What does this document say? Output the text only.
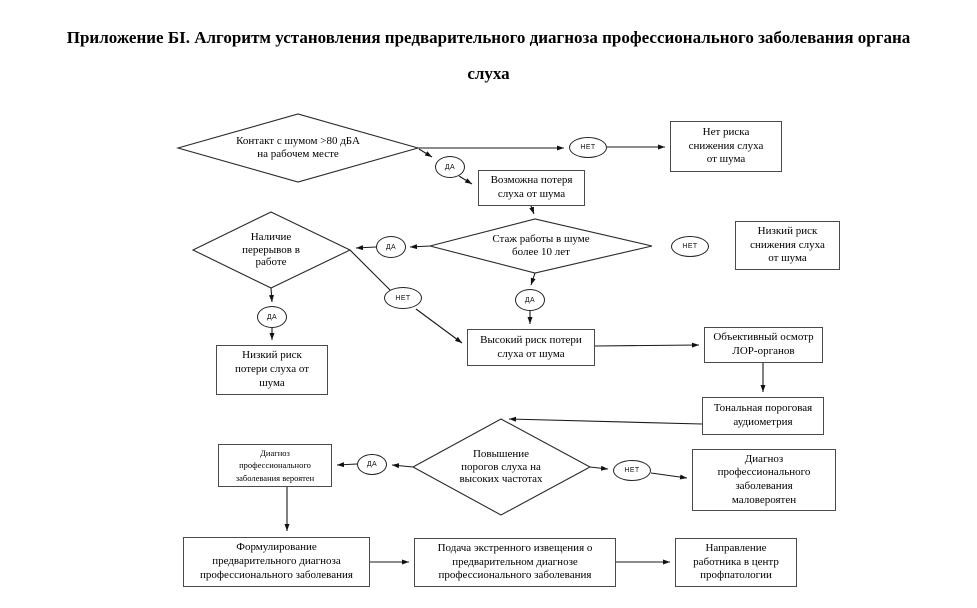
Приложение БI. Алгоритм установления предварительного диагноза профессионального заболевания органа
слуха
Контакт с шумом >80 дБА на рабочем месте
Стаж работы в шуме более 10 лет
Наличие перерывов в работе
Повышение порогов слуха на высоких частотах
Нет риска снижения слуха от шума
Возможна потеря слуха от шума
Низкий риск снижения слуха от шума
Низкий риск потери слуха от шума
Высокий риск потери слуха от шума
Объективный осмотр ЛОР-органов
Тональная пороговая аудиометрия
Диагноз профессионального заболевания вероятен
Диагноз профессионального заболевания маловероятен
Формулирование предварительного диагноза профессионального заболевания
Подача экстренного извещения о предварительном диагнозе профессионального заболевания
Направление работника в центр профпатологии
НЕТ
ДА
НЕТ
ДА
НЕТ	ДА
ДА
ДА
НЕТ
